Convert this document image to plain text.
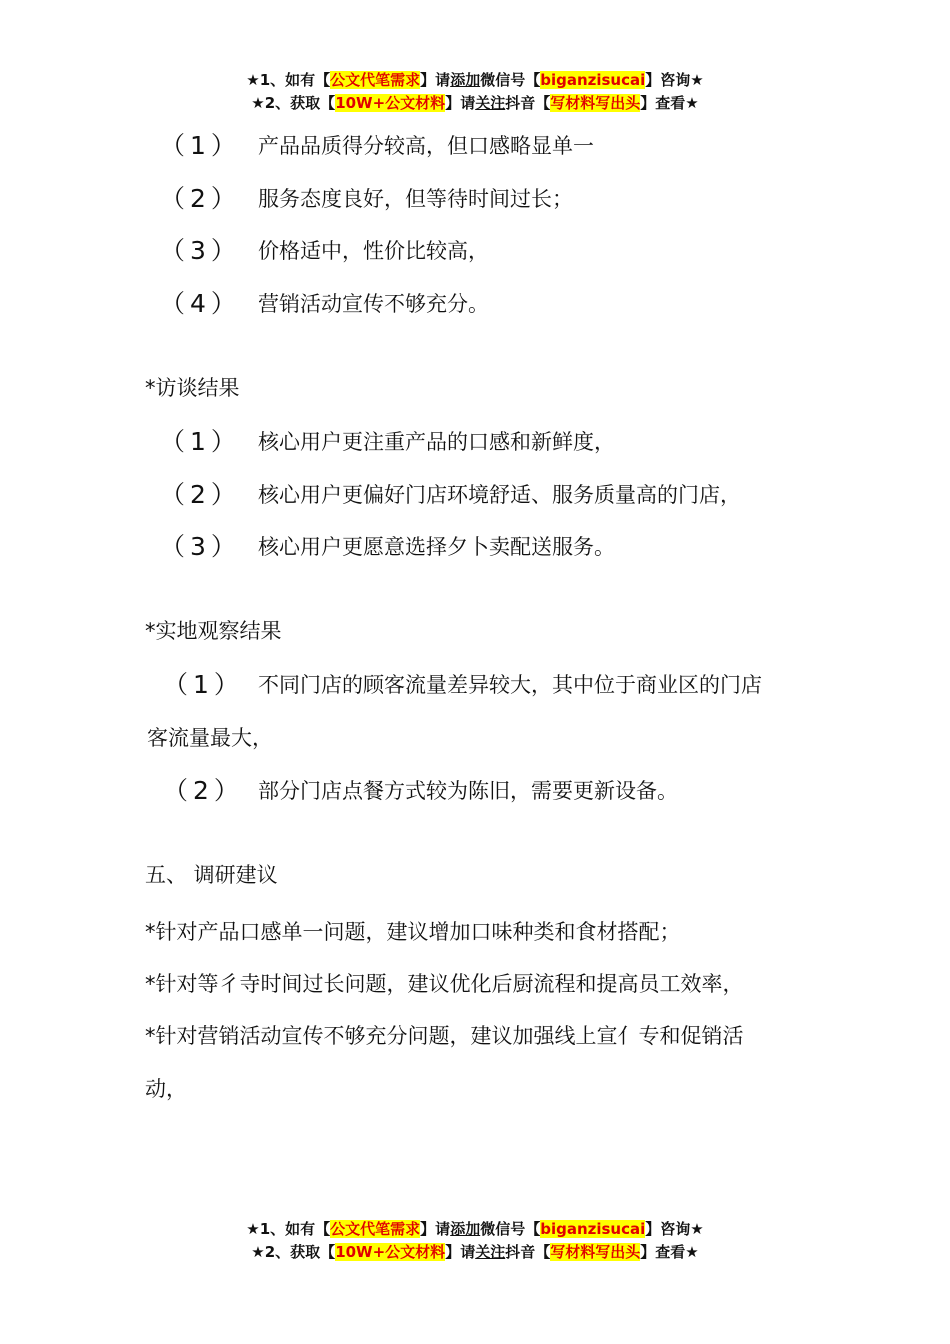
★1、如有【公文代笔需求】请添加微信号【biganzisucai】咨询★
★2、获取【10W+公文材料】请关注抖音【写材料写出头】查看★
（1） 产品品质得分较高，但口感略显单一
（2） 服务态度良好，但等待时间过长；
（3） 价格适中，性价比较高，
（4） 营销活动宣传不够充分。
*访谈结果
（1） 核心用户更注重产品的口感和新鲜度，
（2） 核心用户更偏好门店环境舒适、服务质量高的门店，
（3） 核心用户更愿意选择夕卜卖配送服务。
*实地观察结果
（1） 不同门店的顾客流量差异较大，其中位于商业区的门店
客流量最大，
（2） 部分门店点餐方式较为陈旧，需要更新设备。
五、 调研建议
*针对产品口感单一问题，建议增加口味种类和食材搭配；
*针对等彳寺时间过长问题，建议优化后厨流程和提高员工效率，
*针对营销活动宣传不够充分问题，建议加强线上宣亻专和促销活
动，
★1、如有【公文代笔需求】请添加微信号【biganzisucai】咨询★
★2、获取【10W+公文材料】请关注抖音【写材料写出头】查看★
